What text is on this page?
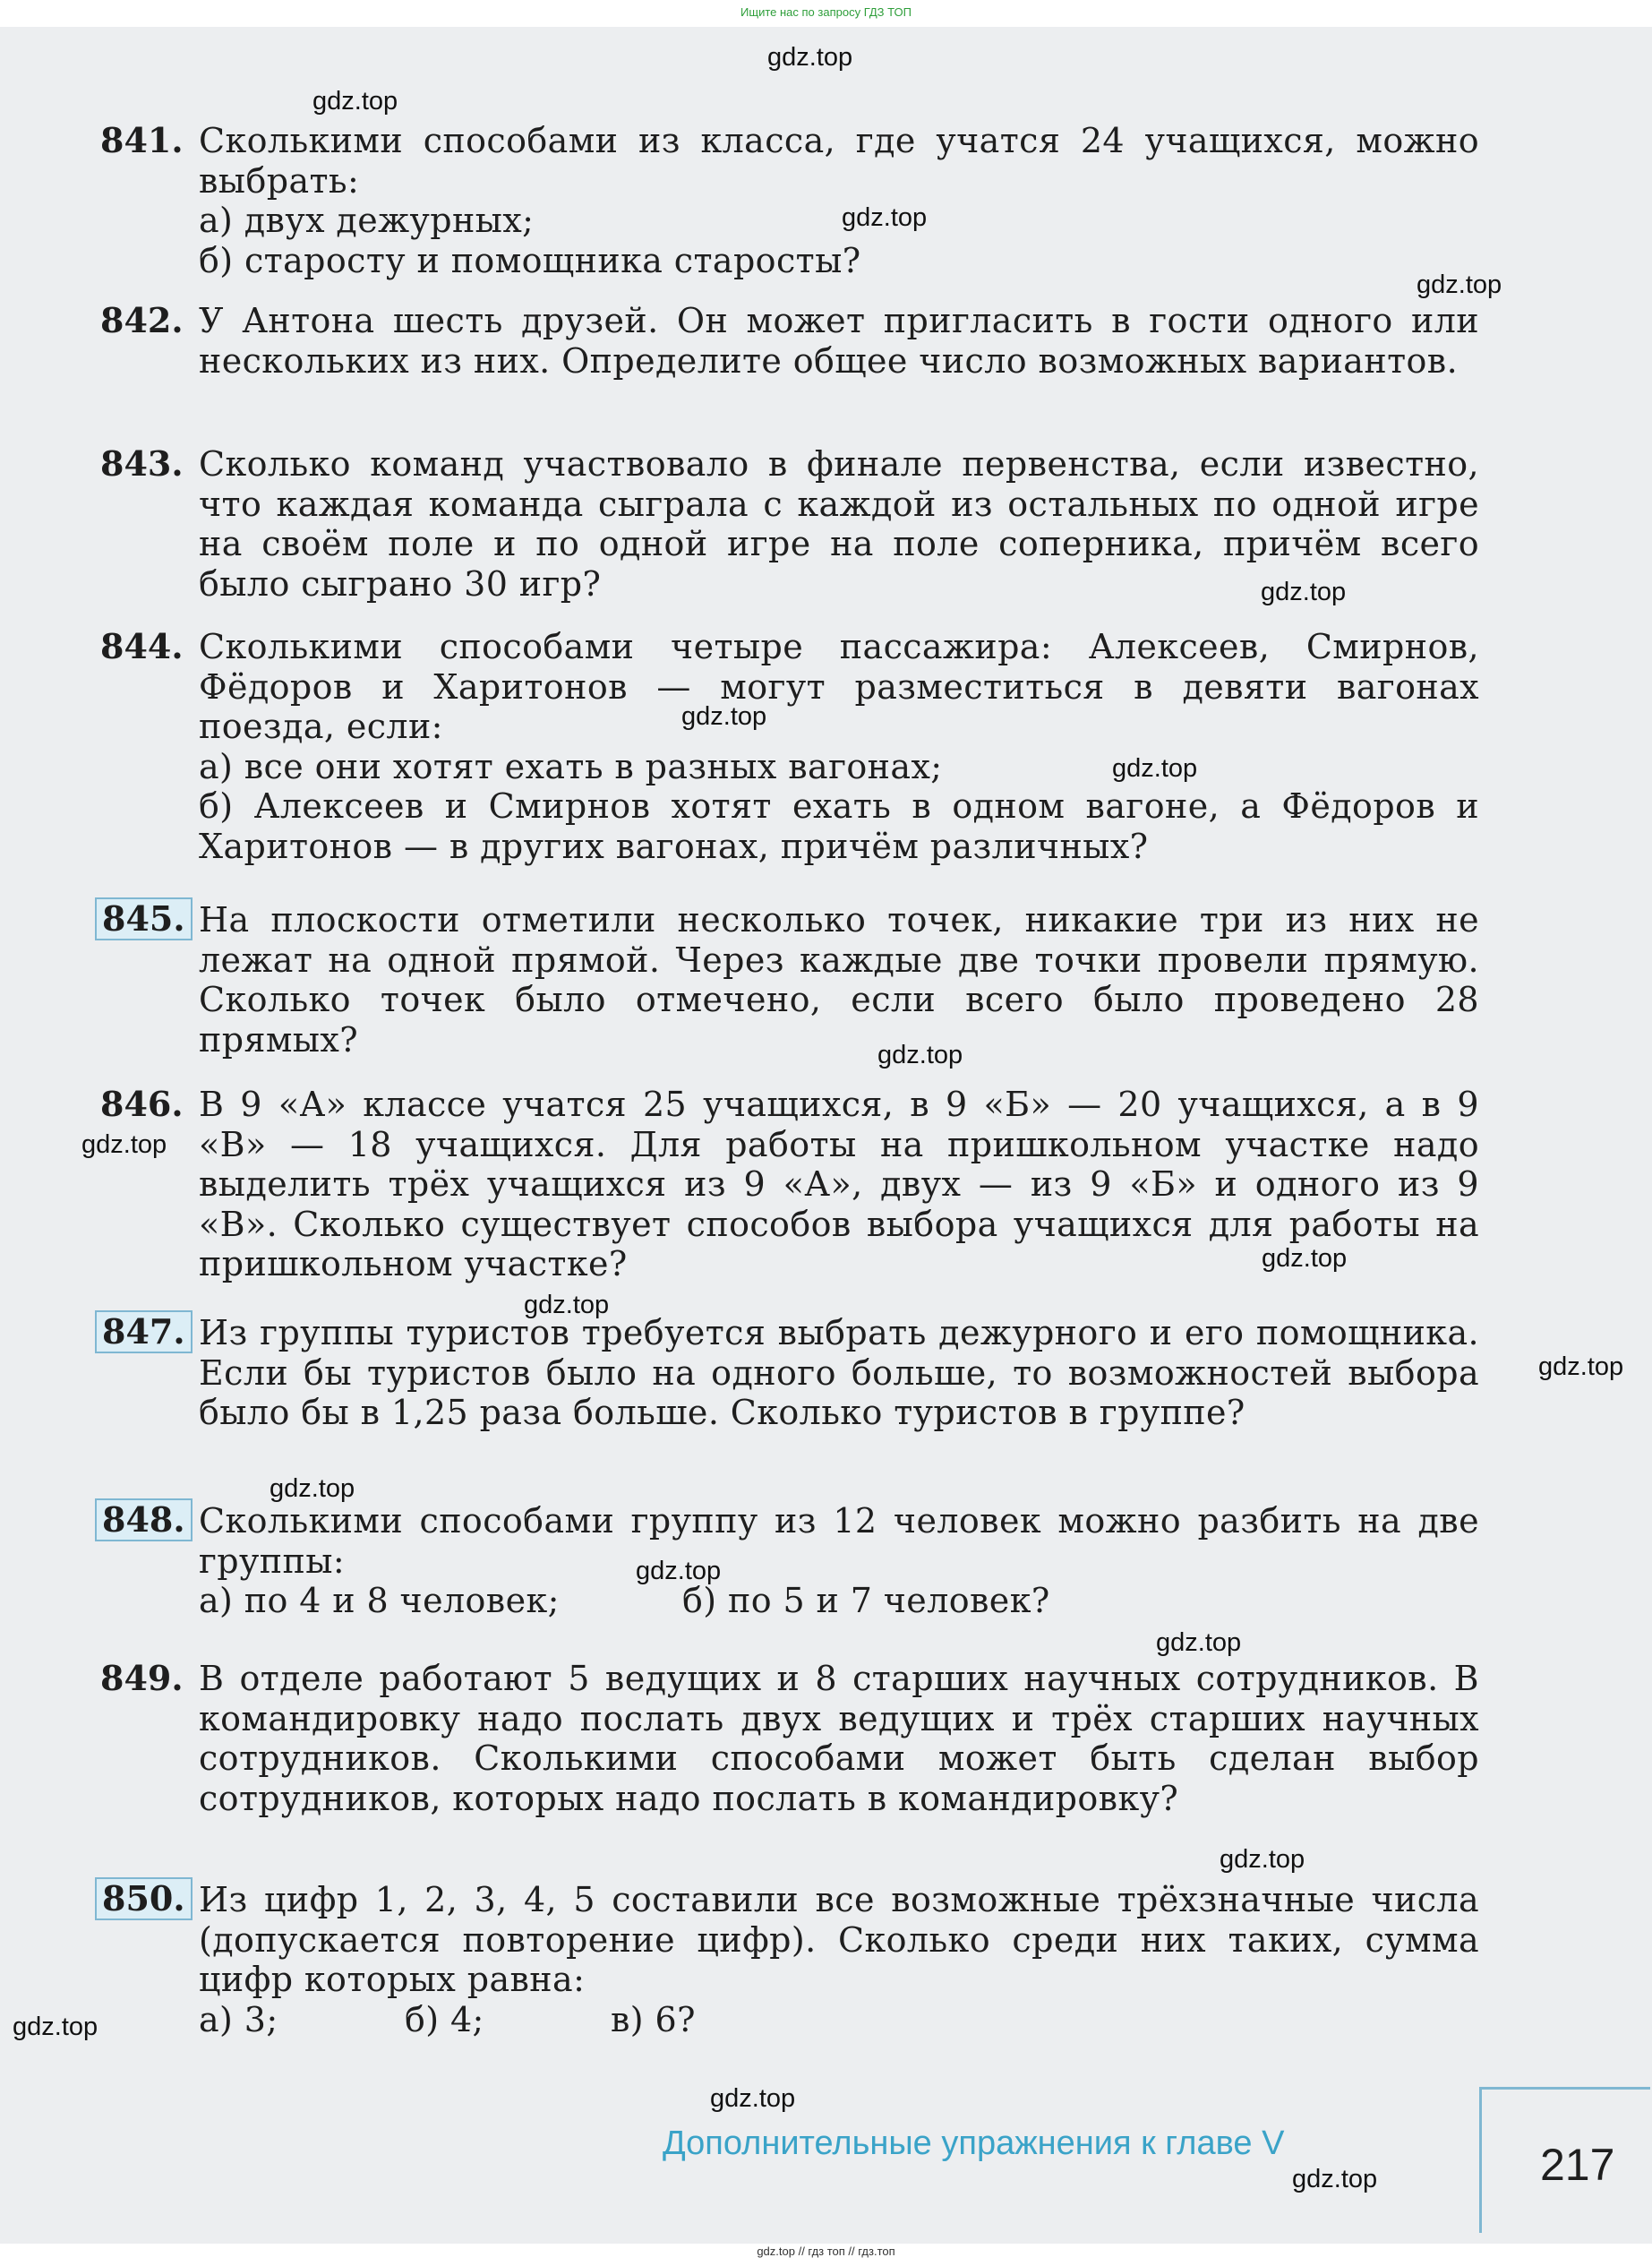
Ищите нас по запросу ГДЗ ТОП
841. Сколькими способами из класса, где учатся 24 учащихся, можно выбрать:
а) двух дежурных;
б) старосту и помощника старосты?
842. У Антона шесть друзей. Он может пригласить в гости одного или нескольких из них. Определите общее число возможных вариантов.
843. Сколько команд участвовало в финале первенства, если известно, что каждая команда сыграла с каждой из остальных по одной игре на своём поле и по одной игре на поле соперника, причём всего было сыграно 30 игр?
844. Сколькими способами четыре пассажира: Алексеев, Смирнов, Фёдоров и Харитонов — могут разместиться в девяти вагонах поезда, если:
а) все они хотят ехать в разных вагонах;
б) Алексеев и Смирнов хотят ехать в одном вагоне, а Фёдоров и Харитонов — в других вагонах, причём различных?
845. На плоскости отметили несколько точек, никакие три из них не лежат на одной прямой. Через каждые две точки провели прямую. Сколько точек было отмечено, если всего было проведено 28 прямых?
846. В 9 «А» классе учатся 25 учащихся, в 9 «Б» — 20 учащихся, а в 9 «В» — 18 учащихся. Для работы на пришкольном участке надо выделить трёх учащихся из 9 «А», двух — из 9 «Б» и одного из 9 «В». Сколько существует способов выбора учащихся для работы на пришкольном участке?
847. Из группы туристов требуется выбрать дежурного и его помощника. Если бы туристов было на одного больше, то возможностей выбора было бы в 1,25 раза больше. Сколько туристов в группе?
848. Сколькими способами группу из 12 человек можно разбить на две группы:
а) по 4 и 8 человек;	б) по 5 и 7 человек?
849. В отделе работают 5 ведущих и 8 старших научных сотрудников. В командировку надо послать двух ведущих и трёх старших научных сотрудников. Сколькими способами может быть сделан выбор сотрудников, которых надо послать в командировку?
850. Из цифр 1, 2, 3, 4, 5 составили все возможные трёхзначные числа (допускается повторение цифр). Сколько среди них таких, сумма цифр которых равна:
а) 3;	б) 4;	в) 6?
gdz.top
gdz.top
gdz.top
gdz.top
gdz.top
gdz.top
gdz.top
gdz.top
gdz.top
gdz.top
gdz.top
gdz.top
gdz.top
gdz.top
gdz.top
gdz.top
gdz.top
gdz.top
gdz.top
Дополнительные упражнения к главе V	217
gdz.top // гдз топ // гдз.топ
